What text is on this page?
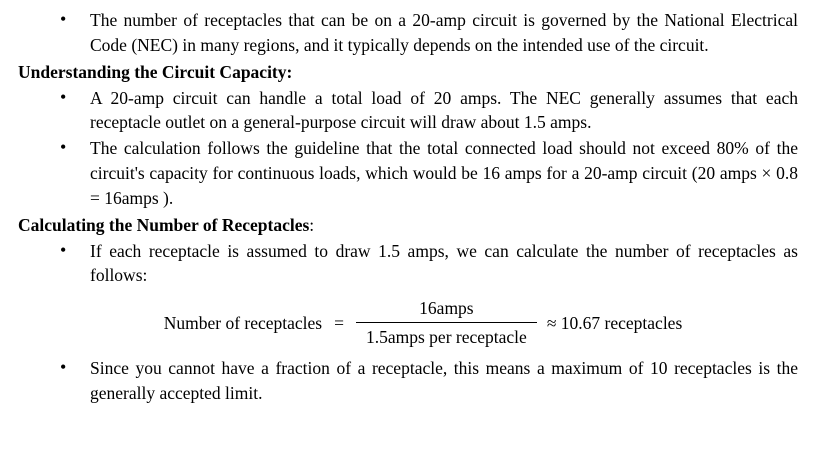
• The number of receptacles that can be on a 20-amp circuit is governed by the National Electrical Code (NEC) in many regions, and it typically depends on the intended use of the circuit.
Understanding the Circuit Capacity:
• A 20-amp circuit can handle a total load of 20 amps. The NEC generally assumes that each receptacle outlet on a general-purpose circuit will draw about 1.5 amps.
• The calculation follows the guideline that the total connected load should not exceed 80% of the circuit's capacity for continuous loads, which would be 16 amps for a 20-amp circuit (20 amps × 0.8 = 16amps ).
Calculating the Number of Receptacles:
• If each receptacle is assumed to draw 1.5 amps, we can calculate the number of receptacles as follows:
Number of receptacles = $\frac{\text{16amps}}{\text{1.5amps per receptacle}} \approx 10.67$ receptacles
• Since you cannot have a fraction of a receptacle, this means a maximum of 10 receptacles is the generally accepted limit.
